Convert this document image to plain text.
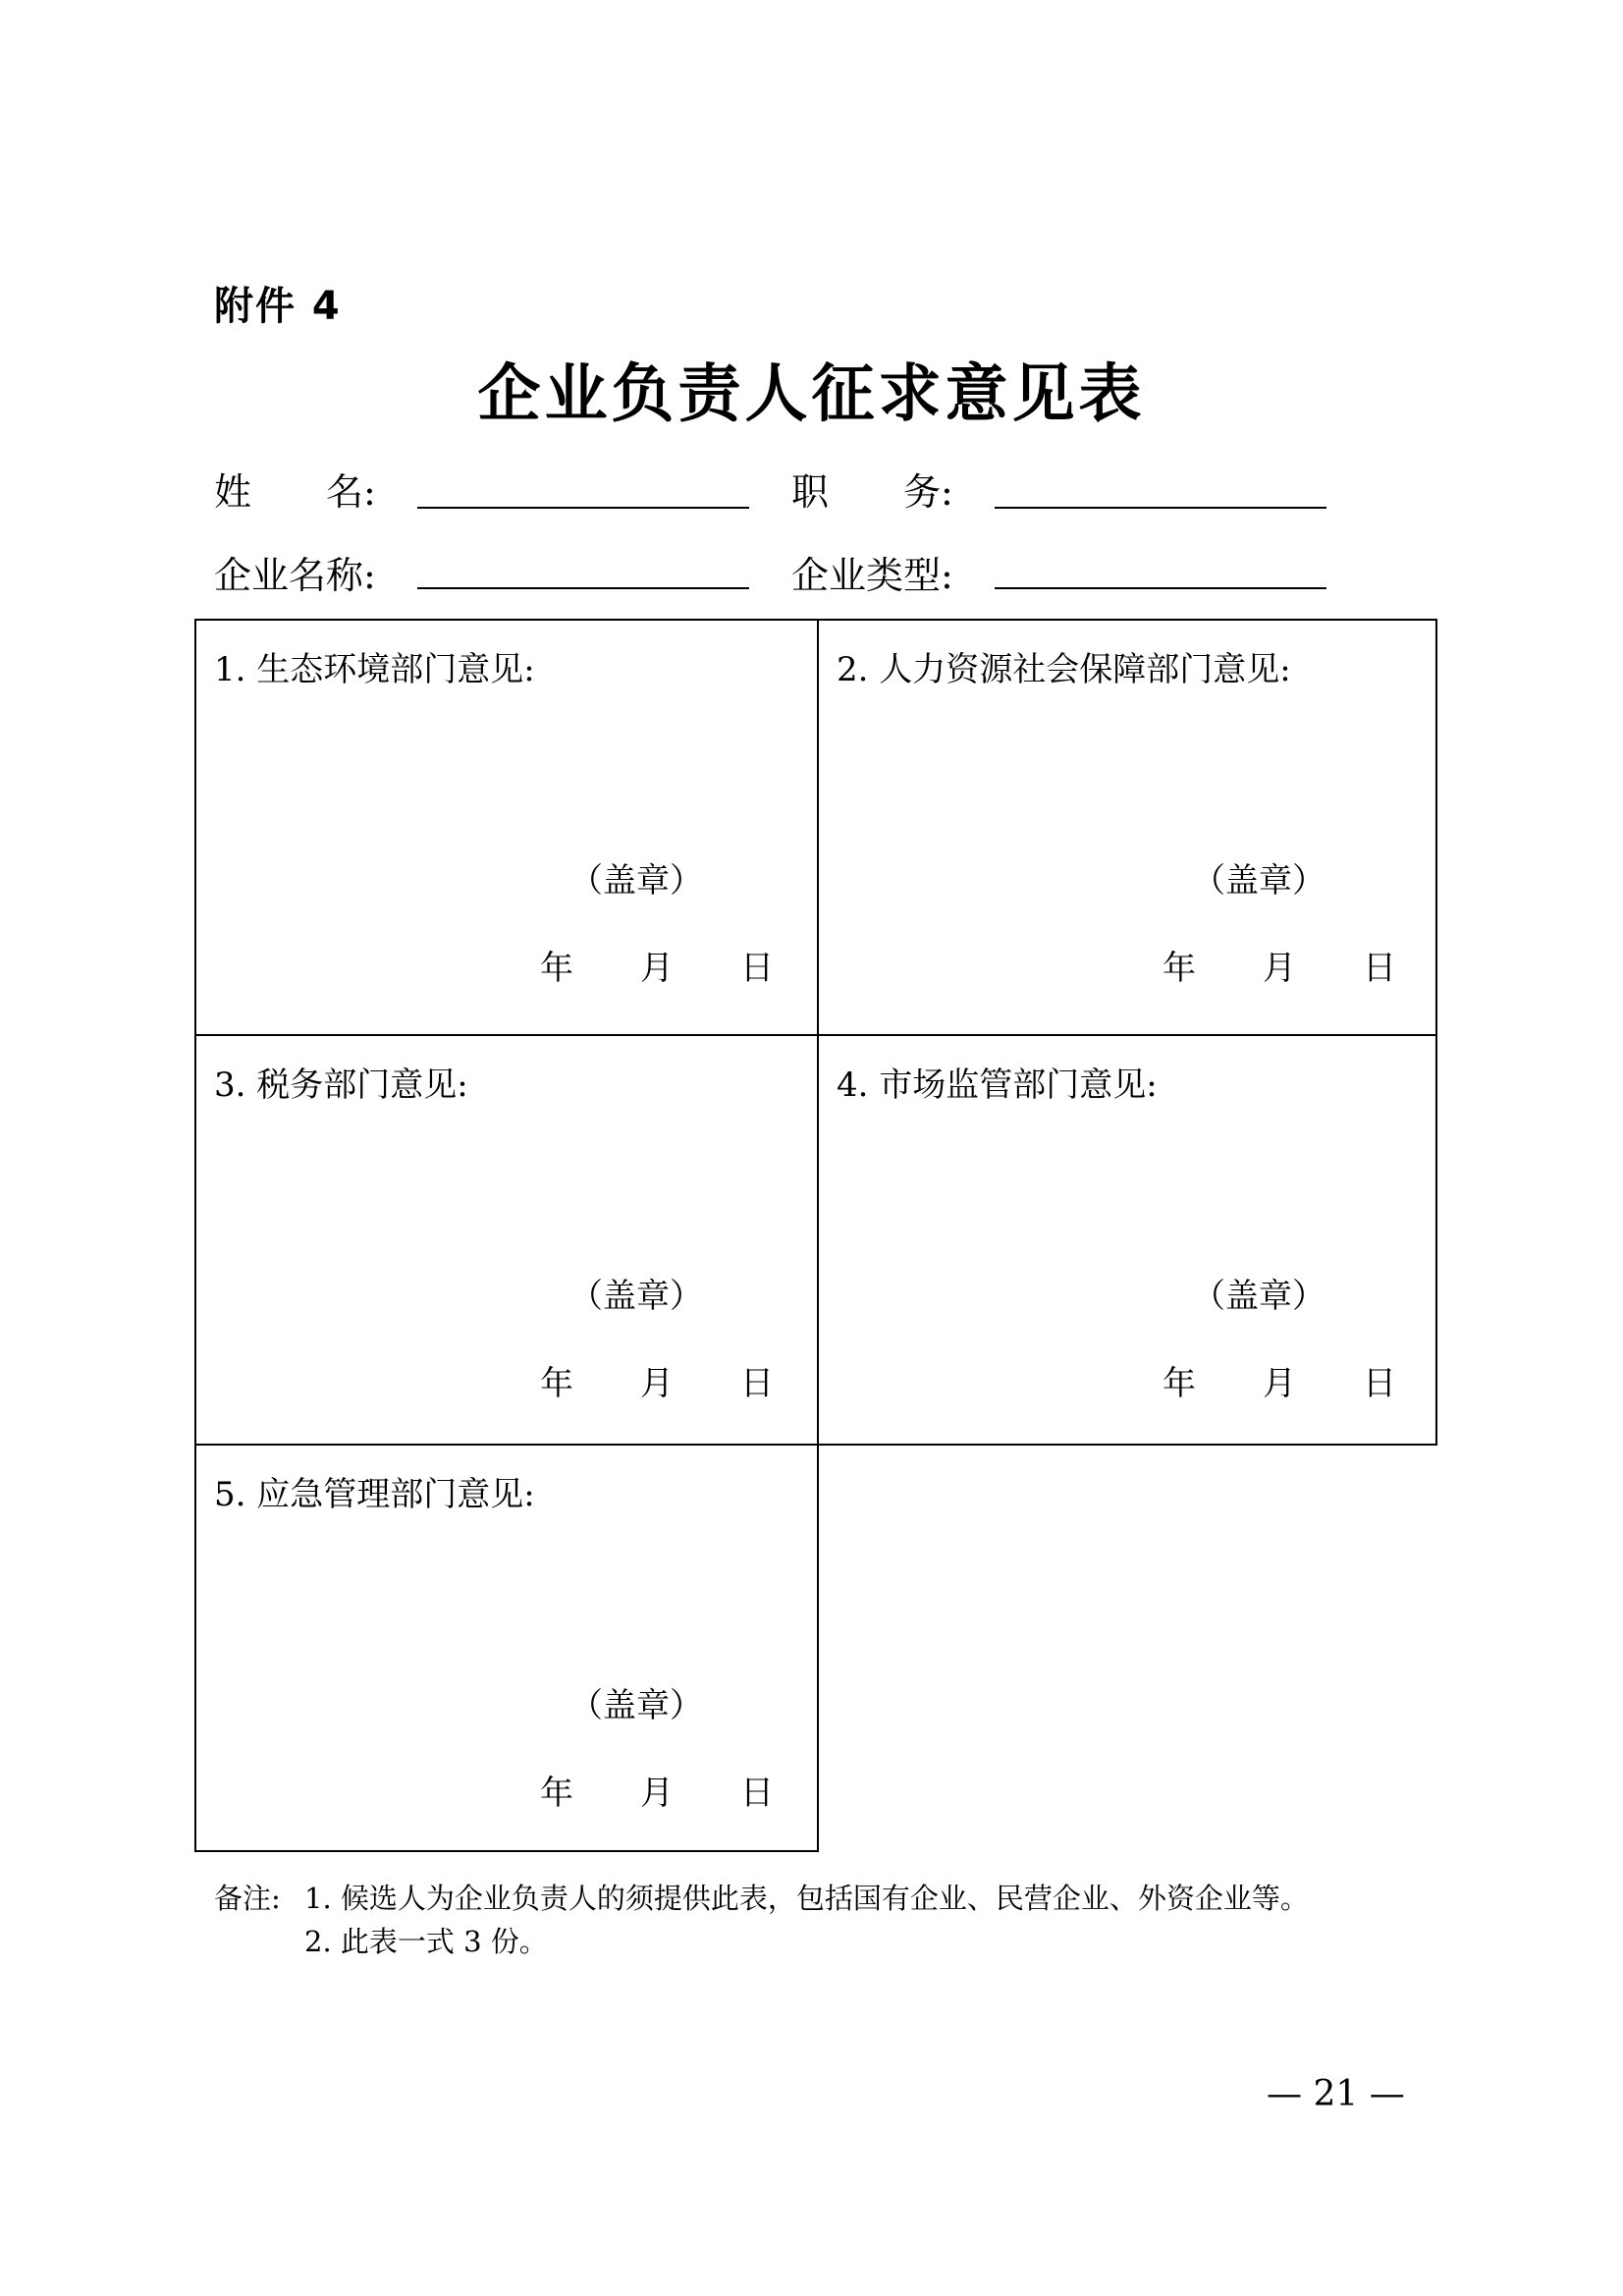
附件 4
企业负责人征求意见表
姓　　名:	职　　务:
企业名称:	企业类型:
1. 生态环境部门意见:
（盖章）
年　　月　　日
2. 人力资源社会保障部门意见:
（盖章）
年　　月　　日
3. 税务部门意见:
（盖章）
年　　月　　日
4. 市场监管部门意见:
（盖章）
年　　月　　日
5. 应急管理部门意见:
（盖章）
年　　月　　日
备注: 1. 候选人为企业负责人的须提供此表，包括国有企业、民营企业、外资企业等。
2. 此表一式 3 份。
— 21 —
